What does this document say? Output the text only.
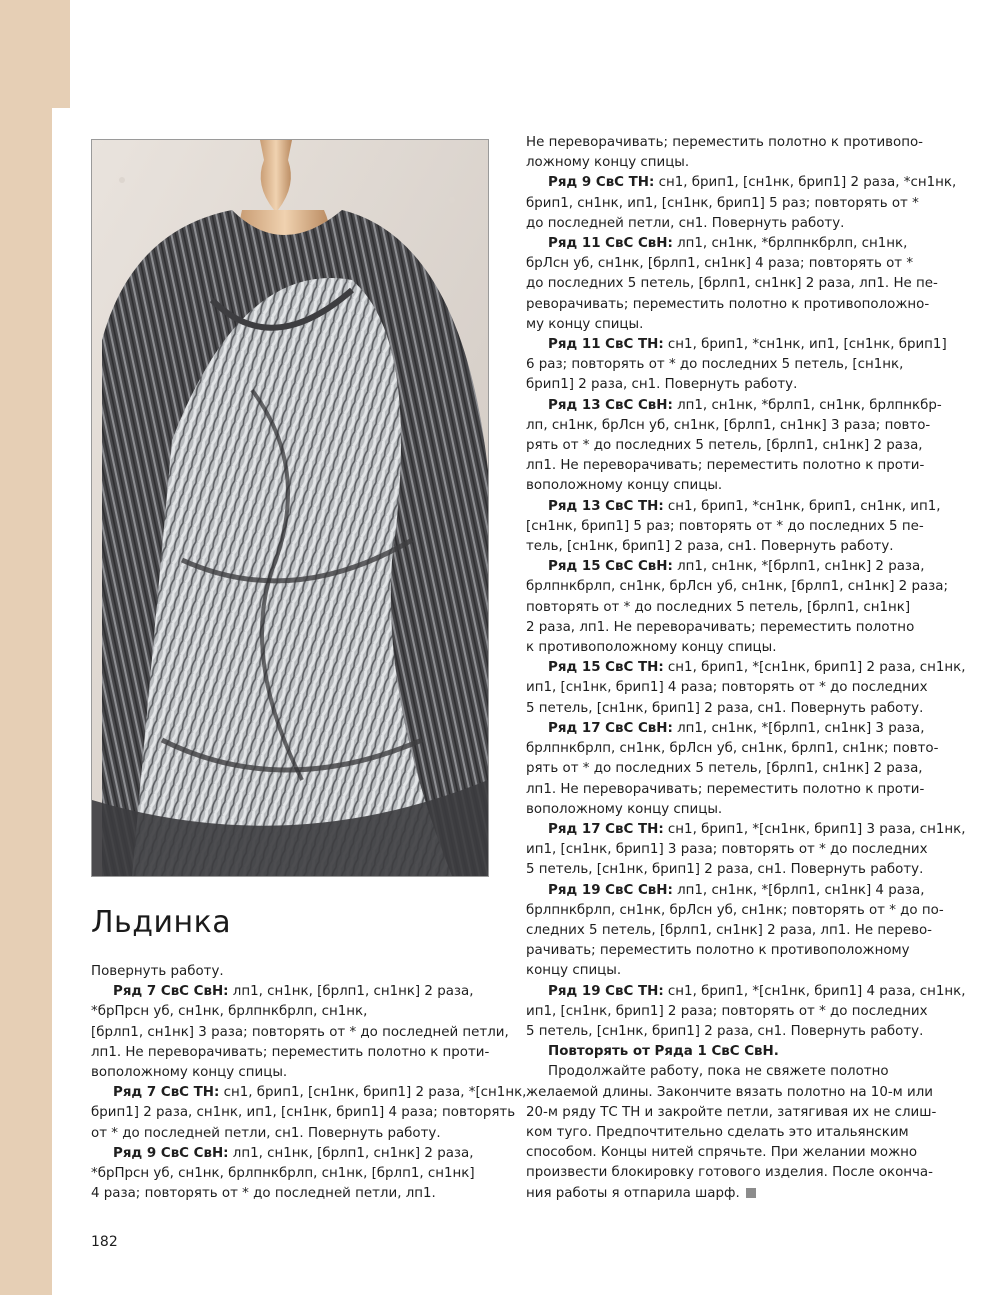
Льдинка

Повернуть работу.

Ряд 7 СвС СвН: лп1, сн1нк, [брлп1, сн1нк] 2 раза,

*брПрсн уб, сн1нк, брлпнкбрлп, сн1нк,

[брлп1, сн1нк] 3 раза; повторять от * до последней петли,

лп1. Не переворачивать; переместить полотно к проти-

воположному концу спицы.

Ряд 7 СвС ТН: сн1, брип1, [сн1нк, брип1] 2 раза, *[сн1нк,

брип1] 2 раза, сн1нк, ип1, [сн1нк, брип1] 4 раза; повторять

от * до последней петли, сн1. Повернуть работу.

Ряд 9 СвС СвН: лп1, сн1нк, [брлп1, сн1нк] 2 раза,

*брПрсн уб, сн1нк, брлпнкбрлп, сн1нк, [брлп1, сн1нк]

4 раза; повторять от * до последней петли, лп1.

Не переворачивать; переместить полотно к противопо-

ложному концу спицы.

Ряд 9 СвС ТН: сн1, брип1, [сн1нк, брип1] 2 раза, *сн1нк,

брип1, сн1нк, ип1, [сн1нк, брип1] 5 раз; повторять от *

до последней петли, сн1. Повернуть работу.

Ряд 11 СвС СвН: лп1, сн1нк, *брлпнкбрлп, сн1нк,

брЛсн уб, сн1нк, [брлп1, сн1нк] 4 раза; повторять от *

до последних 5 петель, [брлп1, сн1нк] 2 раза, лп1. Не пе-

реворачивать; переместить полотно к противоположно-

му концу спицы.

Ряд 11 СвС ТН: сн1, брип1, *сн1нк, ип1, [сн1нк, брип1]

6 раз; повторять от * до последних 5 петель, [сн1нк,

брип1] 2 раза, сн1. Повернуть работу.

Ряд 13 СвС СвН: лп1, сн1нк, *брлп1, сн1нк, брлпнкбр-

лп, сн1нк, брЛсн уб, сн1нк, [брлп1, сн1нк] 3 раза; повто-

рять от * до последних 5 петель, [брлп1, сн1нк] 2 раза,

лп1. Не переворачивать; переместить полотно к проти-

воположному концу спицы.

Ряд 13 СвС ТН: сн1, брип1, *сн1нк, брип1, сн1нк, ип1,

[сн1нк, брип1] 5 раз; повторять от * до последних 5 пе-

тель, [сн1нк, брип1] 2 раза, сн1. Повернуть работу.

Ряд 15 СвС СвН: лп1, сн1нк, *[брлп1, сн1нк] 2 раза,

брлпнкбрлп, сн1нк, брЛсн уб, сн1нк, [брлп1, сн1нк] 2 раза;

повторять от * до последних 5 петель, [брлп1, сн1нк]

2 раза, лп1. Не переворачивать; переместить полотно

к противоположному концу спицы.

Ряд 15 СвС ТН: сн1, брип1, *[сн1нк, брип1] 2 раза, сн1нк,

ип1, [сн1нк, брип1] 4 раза; повторять от * до последних

5 петель, [сн1нк, брип1] 2 раза, сн1. Повернуть работу.

Ряд 17 СвС СвН: лп1, сн1нк, *[брлп1, сн1нк] 3 раза,

брлпнкбрлп, сн1нк, брЛсн уб, сн1нк, брлп1, сн1нк; повто-

рять от * до последних 5 петель, [брлп1, сн1нк] 2 раза,

лп1. Не переворачивать; переместить полотно к проти-

воположному концу спицы.

Ряд 17 СвС ТН: сн1, брип1, *[сн1нк, брип1] 3 раза, сн1нк,

ип1, [сн1нк, брип1] 3 раза; повторять от * до последних

5 петель, [сн1нк, брип1] 2 раза, сн1. Повернуть работу.

Ряд 19 СвС СвН: лп1, сн1нк, *[брлп1, сн1нк] 4 раза,

брлпнкбрлп, сн1нк, брЛсн уб, сн1нк; повторять от * до по-

следних 5 петель, [брлп1, сн1нк] 2 раза, лп1. Не перево-

рачивать; переместить полотно к противоположному

концу спицы.

Ряд 19 СвС ТН: сн1, брип1, *[сн1нк, брип1] 4 раза, сн1нк,

ип1, [сн1нк, брип1] 2 раза; повторять от * до последних

5 петель, [сн1нк, брип1] 2 раза, сн1. Повернуть работу.

Повторять от Ряда 1 СвС СвН.

Продолжайте работу, пока не свяжете полотно

желаемой длины. Закончите вязать полотно на 10-м или

20-м ряду ТС ТН и закройте петли, затягивая их не слиш-

ком туго. Предпочтительно сделать это итальянским

способом. Концы нитей спрячьте. При желании можно

произвести блокировку готового изделия. После оконча-

ния работы я отпарила шарф.

182
